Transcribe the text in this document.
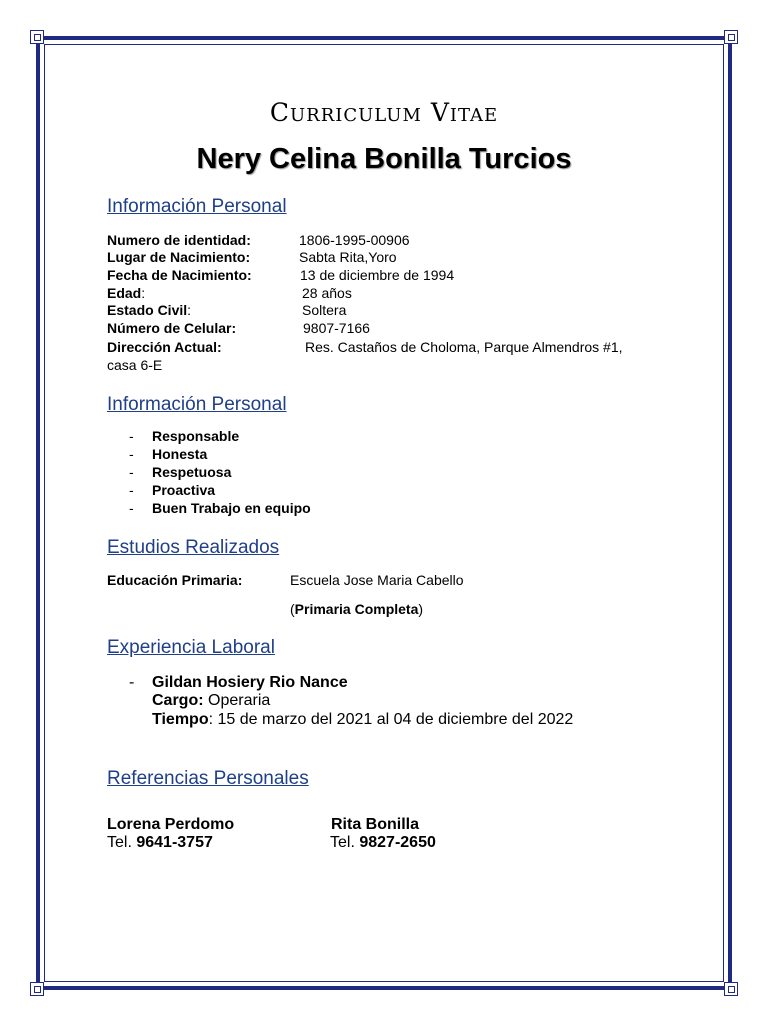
Curriculum Vitae
Nery Celina Bonilla Turcios
Información Personal
Numero de identidad:	1806-1995-00906
Lugar de Nacimiento:	Sabta Rita,Yoro
Fecha de Nacimiento:	13 de diciembre de 1994
Edad:	28 años
Estado Civil:	Soltera
Número de Celular:	9807-7166
Dirección Actual:	Res. Castaños de Choloma, Parque Almendros #1,
casa 6-E
Información Personal
- Responsable
- Honesta
- Respetuosa
- Proactiva
- Buen Trabajo en equipo
Estudios Realizados
Educación Primaria:	Escuela Jose Maria Cabello
(Primaria Completa)
Experiencia Laboral
- Gildan Hosiery Rio Nance
Cargo: Operaria
Tiempo: 15 de marzo del 2021 al 04 de diciembre del 2022
Referencias Personales
Lorena Perdomo
Tel. 9641-3757
Rita Bonilla
Tel. 9827-2650
